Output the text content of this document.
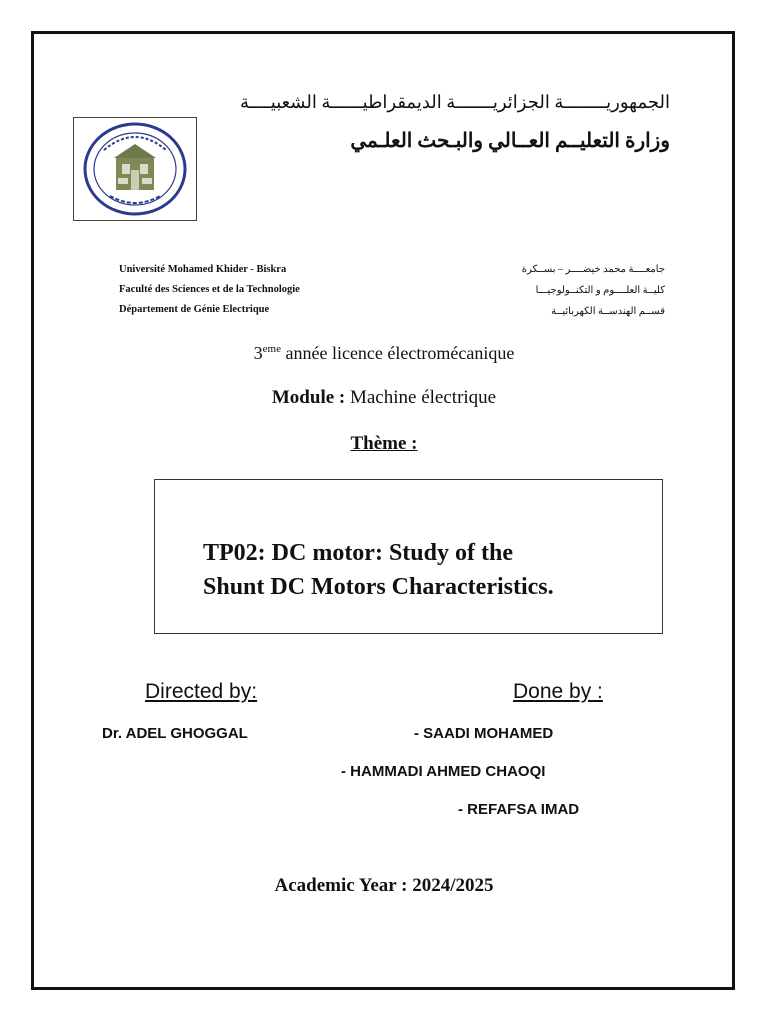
الجمهوريــــــــة الجزائريـــــــة الديمقراطيــــــة الشعبيــــة
وزارة التعليــم العــالي والبـحث العلـمي
Université Mohamed Khider - Biskra
Faculté des Sciences et de la Technologie
Département de Génie Electrique
جامعــــة محمد خيضــــر – بســكرة
كليــة العلــــوم و التكنــولوجيـــا
قســم الهندســة الكهربائيــة
3eme année licence électromécanique
Module : Machine électrique
Thème :
TP02: DC motor: Study of the
Shunt DC Motors Characteristics.
Directed by:	Done by :
Dr. ADEL GHOGGAL	- SAADI MOHAMED
- HAMMADI AHMED CHAOQI
- REFAFSA IMAD
Academic Year : 2024/2025
